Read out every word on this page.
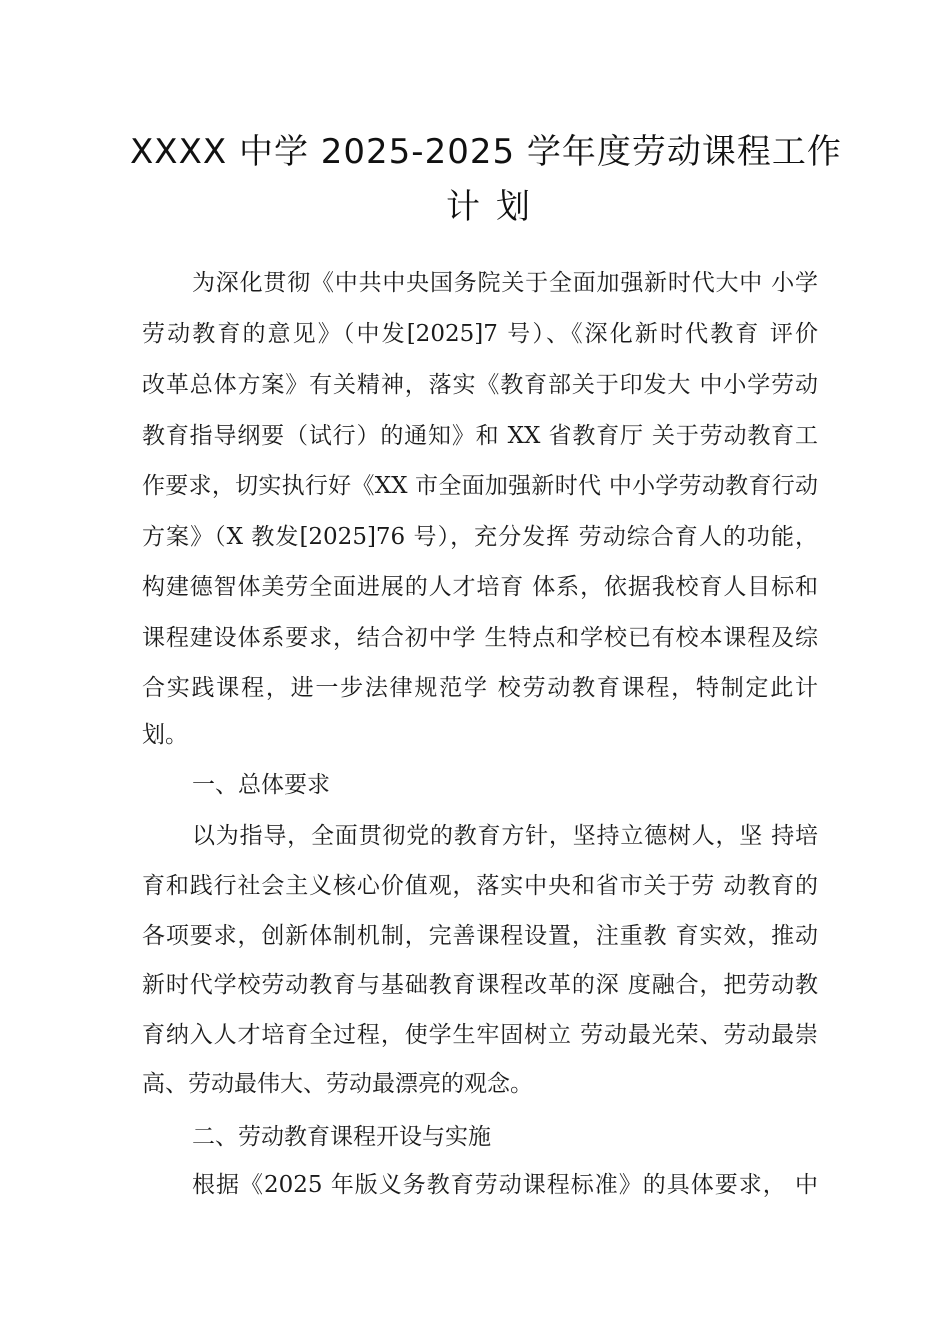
XXXX 中学 2025-2025 学年度劳动课程工作
计划
为深化贯彻《中共中央国务院关于全面加强新时代大中 小学
劳动教育的意见》（中发[2025]7 号）、《深化新时代教育 评价
改革总体方案》有关精神，落实《教育部关于印发大 中小学劳动
教育指导纲要（试行）的通知》和 XX 省教育厅 关于劳动教育工
作要求，切实执行好《XX 市全面加强新时代 中小学劳动教育行动
方案》（X 教发[2025]76 号），充分发挥 劳动综合育人的功能，
构建德智体美劳全面进展的人才培育 体系，依据我校育人目标和
课程建设体系要求，结合初中学 生特点和学校已有校本课程及综
合实践课程，进一步法律规范学 校劳动教育课程，特制定此计
划。
一、总体要求
以为指导，全面贯彻党的教育方针，坚持立德树人，坚 持培
育和践行社会主义核心价值观，落实中央和省市关于劳 动教育的
各项要求，创新体制机制，完善课程设置，注重教 育实效，推动
新时代学校劳动教育与基础教育课程改革的深 度融合，把劳动教
育纳入人才培育全过程，使学生牢固树立 劳动最光荣、劳动最崇
高、劳动最伟大、劳动最漂亮的观念。
二、劳动教育课程开设与实施
根据《2025 年版义务教育劳动课程标准》的具体要求， 中
